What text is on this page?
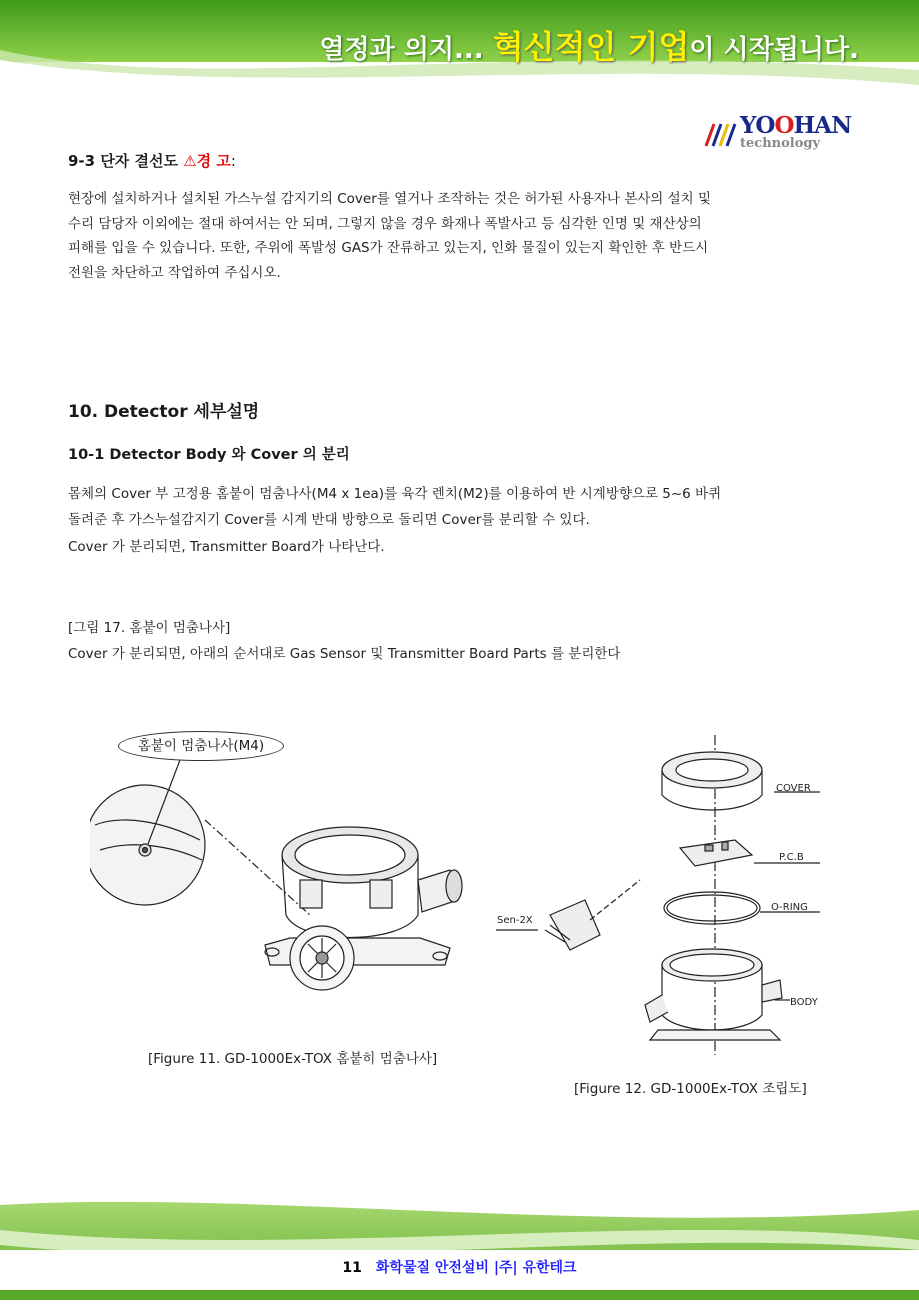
열정과 의지... 혁신적인 기업이 시작됩니다.
YOOHAN
technology
9-3 단자 결선도 ⚠경 고:
현장에 설치하거나 설치된 가스누설 감지기의 Cover를 열거나 조작하는 것은 허가된 사용자나 본사의 설치 및
수리 담당자 이외에는 절대 하여서는 안 되며, 그렇지 않을 경우 화재나 폭발사고 등 심각한 인명 및 재산상의
피해를 입을 수 있습니다. 또한, 주위에 폭발성 GAS가 잔류하고 있는지, 인화 물질이 있는지 확인한 후 반드시
전원을 차단하고 작업하여 주십시오.
10. Detector 세부설명
10-1 Detector Body 와 Cover 의 분리
몸체의 Cover 부 고정용 홈붙이 멈춤나사(M4 x 1ea)를 육각 렌치(M2)를 이용하여 반 시계방향으로 5~6 바퀴
돌려준 후 가스누설감지기 Cover를 시계 반대 방향으로 돌리면 Cover를 분리할 수 있다.
Cover 가 분리되면, Transmitter Board가 나타난다.
[그림 17. 홈붙이 멈춤나사]
Cover 가 분리되면, 아래의 순서대로 Gas Sensor 및 Transmitter Board Parts 를 분리한다
홈붙이 멈춤나사(M4)
[Figure 11. GD-1000Ex-TOX 홈붙히 멈춤나사]
COVER
P.C.B
O-RING
BODY
Sen-2X
[Figure 12. GD-1000Ex-TOX 조립도]
11 화학물질 안전설비 |주| 유한테크
